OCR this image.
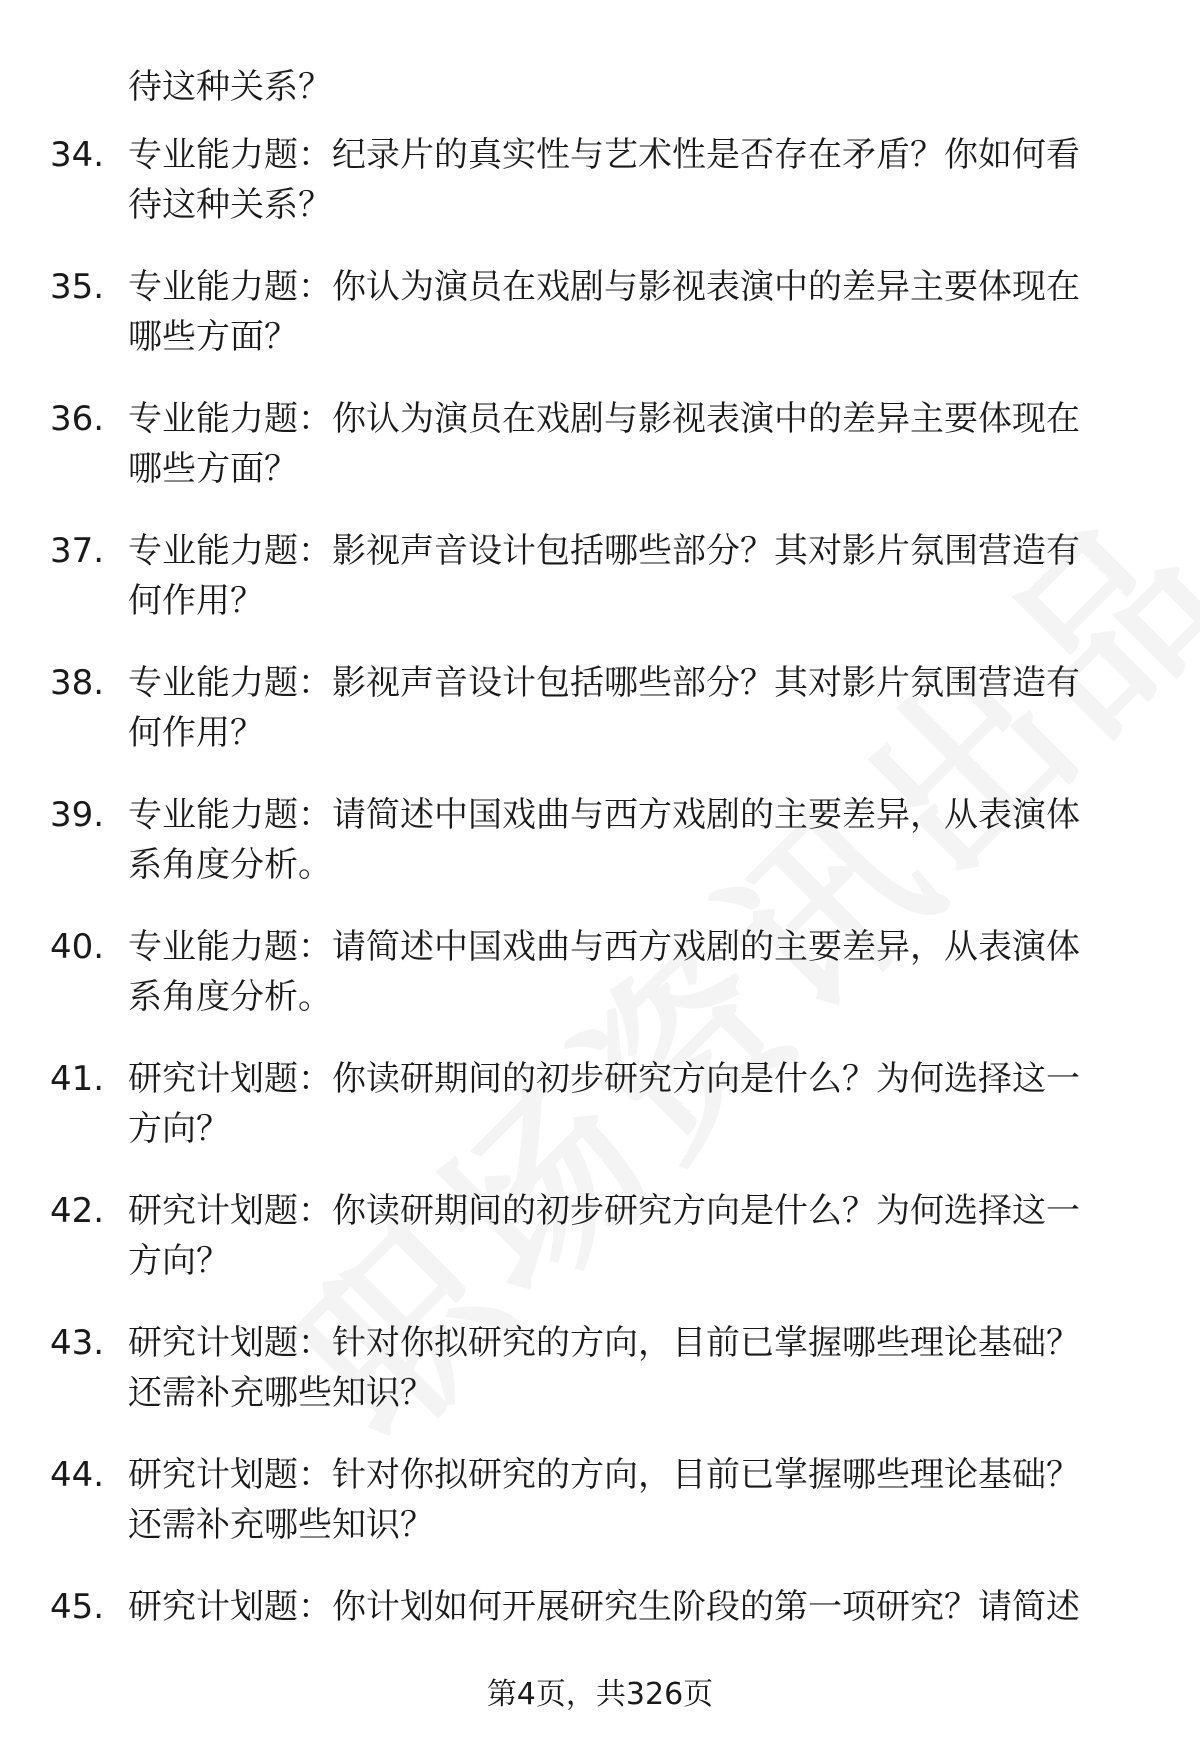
待这种关系？
34. 专业能力题：纪录片的真实性与艺术性是否存在矛盾？你如何看
待这种关系？
35. 专业能力题：你认为演员在戏剧与影视表演中的差异主要体现在
哪些方面？
36. 专业能力题：你认为演员在戏剧与影视表演中的差异主要体现在
哪些方面？
37. 专业能力题：影视声音设计包括哪些部分？其对影片氛围营造有
何作用？
38. 专业能力题：影视声音设计包括哪些部分？其对影片氛围营造有
何作用？
39. 专业能力题：请简述中国戏曲与西方戏剧的主要差异，从表演体
系角度分析。
40. 专业能力题：请简述中国戏曲与西方戏剧的主要差异，从表演体
系角度分析。
41. 研究计划题：你读研期间的初步研究方向是什么？为何选择这一
方向？
42. 研究计划题：你读研期间的初步研究方向是什么？为何选择这一
方向？
43. 研究计划题：针对你拟研究的方向，目前已掌握哪些理论基础？
还需补充哪些知识？
44. 研究计划题：针对你拟研究的方向，目前已掌握哪些理论基础？
还需补充哪些知识？
45. 研究计划题：你计划如何开展研究生阶段的第一项研究？请简述
第4页，共326页
